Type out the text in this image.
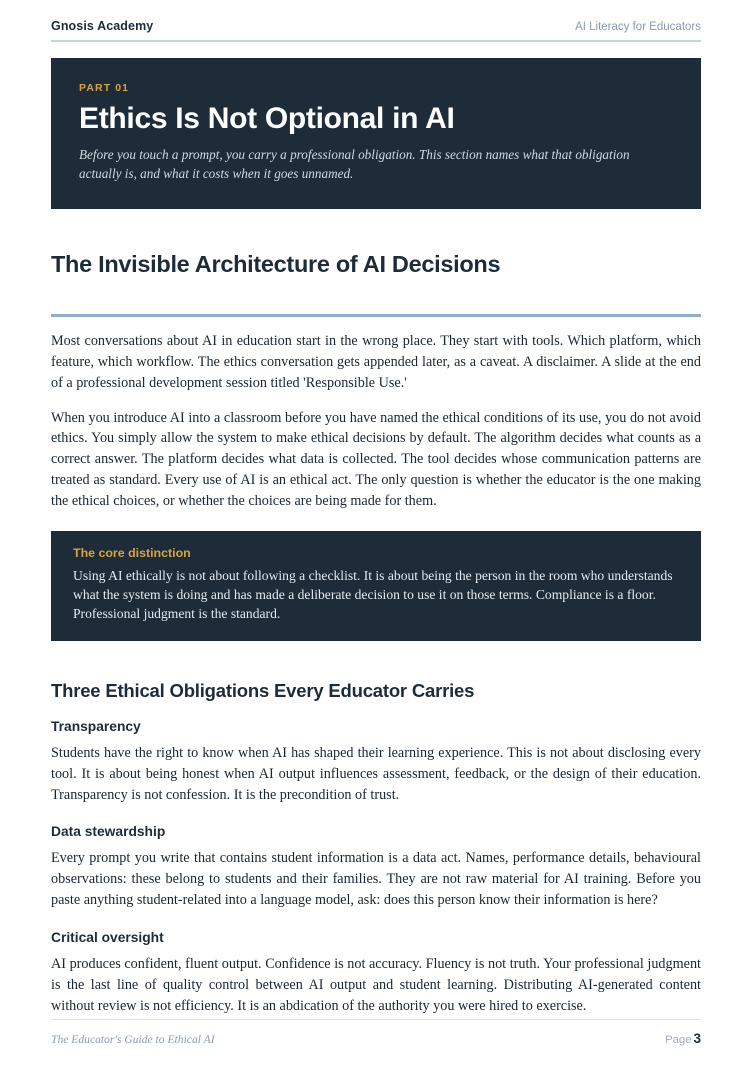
Gnosis Academy	AI Literacy for Educators
PART 01
Ethics Is Not Optional in AI
Before you touch a prompt, you carry a professional obligation. This section names what that obligation actually is, and what it costs when it goes unnamed.
The Invisible Architecture of AI Decisions

Most conversations about AI in education start in the wrong place. They start with tools. Which platform, which feature, which workflow. The ethics conversation gets appended later, as a caveat. A disclaimer. A slide at the end of a professional development session titled 'Responsible Use.'

When you introduce AI into a classroom before you have named the ethical conditions of its use, you do not avoid ethics. You simply allow the system to make ethical decisions by default. The algorithm decides what counts as a correct answer. The platform decides what data is collected. The tool decides whose communication patterns are treated as standard. Every use of AI is an ethical act. The only question is whether the educator is the one making the ethical choices, or whether the choices are being made for them.

The core distinction

Using AI ethically is not about following a checklist. It is about being the person in the room who understands what the system is doing and has made a deliberate decision to use it on those terms. Compliance is a floor. Professional judgment is the standard.

Three Ethical Obligations Every Educator Carries
Transparency

Students have the right to know when AI has shaped their learning experience. This is not about disclosing every tool. It is about being honest when AI output influences assessment, feedback, or the design of their education. Transparency is not confession. It is the precondition of trust.

Data stewardship

Every prompt you write that contains student information is a data act. Names, performance details, behavioural observations: these belong to students and their families. They are not raw material for AI training. Before you paste anything student-related into a language model, ask: does this person know their information is here?

Critical oversight

AI produces confident, fluent output. Confidence is not accuracy. Fluency is not truth. Your professional judgment is the last line of quality control between AI output and student learning. Distributing AI-generated content without review is not efficiency. It is an abdication of the authority you were hired to exercise.

The Educator's Guide to Ethical AI	Page 3
